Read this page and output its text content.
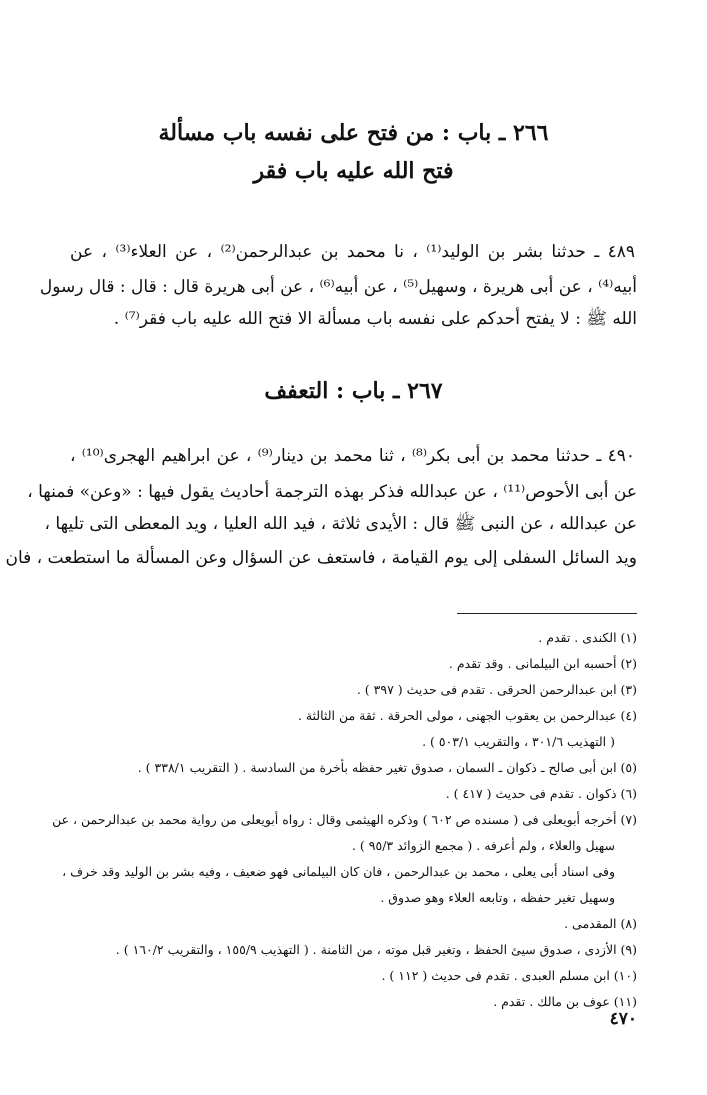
٢٦٦ ـ باب : من فتح على نفسه باب مسألة
فتح الله عليه باب فقر
٤٨٩ ـ حدثنا بشر بن الوليد⁽¹⁾ ، نا محمد بن عبدالرحمن⁽²⁾ ، عن العلاء⁽³⁾ ، عن
أبيه⁽⁴⁾ ، عن أبى هريرة ، وسهيل⁽⁵⁾ ، عن أبيه⁽⁶⁾ ، عن أبى هريرة قال : قال : قال رسول
الله ﷺ : لا يفتح أحدكم على نفسه باب مسألة الا فتح الله عليه باب فقر⁽⁷⁾ .
٢٦٧ ـ باب : التعفف
٤٩٠ ـ حدثنا محمد بن أبى بكر⁽⁸⁾ ، ثنا محمد بن دينار⁽⁹⁾ ، عن ابراهيم الهجرى⁽¹⁰⁾ ،
عن أبى الأحوص⁽¹¹⁾ ، عن عبدالله فذكر بهذه الترجمة أحاديث يقول فيها : «وعن» فمنها ،
عن عبدالله ، عن النبى ﷺ قال : الأيدى ثلاثة ، فيد الله العليا ، ويد المعطى التى تليها ،
ويد السائل السفلى إلى يوم القيامة ، فاستعف عن السؤال وعن المسألة ما استطعت ، فان
(١) الكندى . تقدم .
(٢) أحسبه ابن البيلمانى . وقد تقدم .
(٣) ابن عبدالرحمن الحرقى . تقدم فى حديث ( ٣٩٧ ) .
(٤) عبدالرحمن بن يعقوب الجهنى ، مولى الحرقة . ثقة من الثالثة .
( التهذيب ٣٠١/٦ ، والتقريب ٥٠٣/١ ) .
(٥) ابن أبى صالح ـ ذكوان ـ السمان ، صدوق تغير حفظه بأخرة من السادسة . ( التقريب ٣٣٨/١ ) .
(٦) ذكوان . تقدم فى حديث ( ٤١٧ ) .
(٧) أخرجه أبويعلى فى ( مسنده ص ٦٠٢ ) وذكره الهيثمى وقال : رواه أبويعلى من رواية محمد بن عبدالرحمن ، عن
سهيل والعلاء ، ولم أعرفه . ( مجمع الزوائد ٩٥/٣ ) .
وفى اسناد أبى يعلى ، محمد بن عبدالرحمن ، فان كان البيلمانى فهو ضعيف ، وفيه بشر بن الوليد وقد خرف ،
وسهيل تغير حفظه ، وتابعه العلاء وهو صدوق .
(٨) المقدمى .
(٩) الأزدى ، صدوق سيئ الحفظ ، وتغير قبل موته ، من الثامنة . ( التهذيب ١٥٥/٩ ، والتقريب ١٦٠/٢ ) .
(١٠) ابن مسلم العبدى . تقدم فى حديث ( ١١٢ ) .
(١١) عوف بن مالك . تقدم .
٤٧٠
